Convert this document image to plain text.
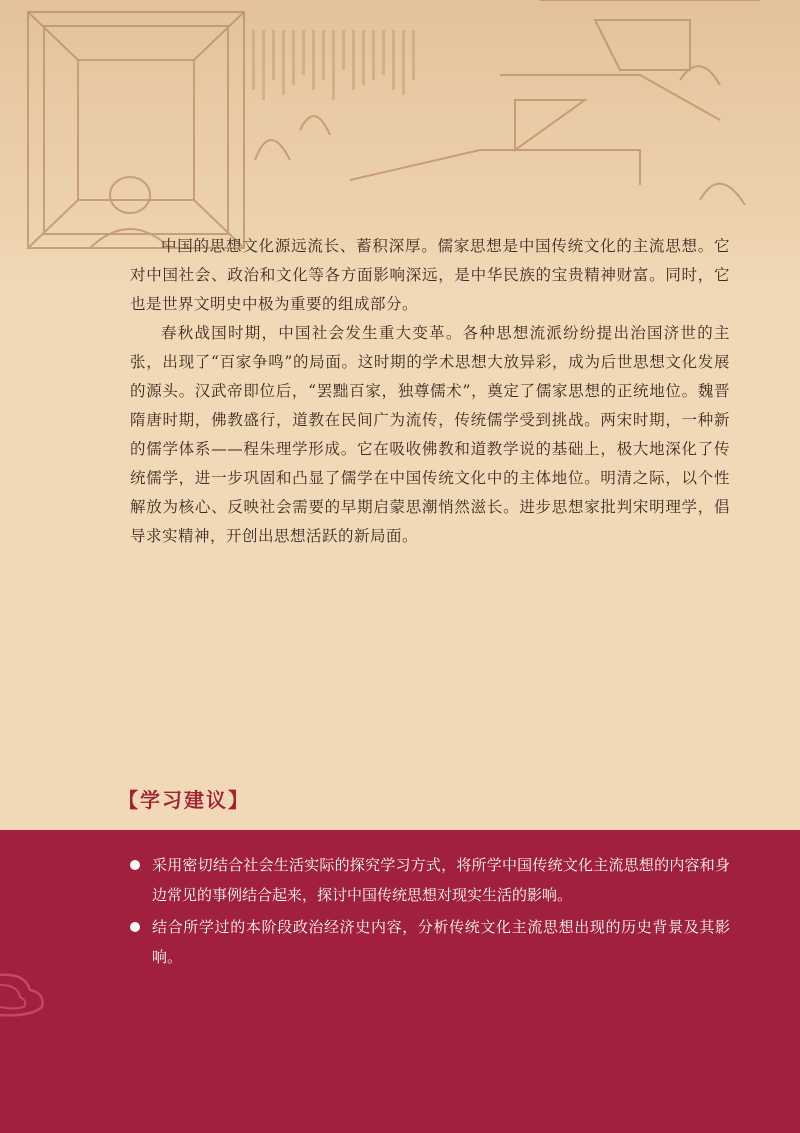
中国的思想文化源远流长、蓄积深厚。儒家思想是中国传统文化的主流思想。它对中国社会、政治和文化等各方面影响深远，是中华民族的宝贵精神财富。同时，它也是世界文明史中极为重要的组成部分。

春秋战国时期，中国社会发生重大变革。各种思想流派纷纷提出治国济世的主张，出现了“百家争鸣”的局面。这时期的学术思想大放异彩，成为后世思想文化发展的源头。汉武帝即位后，“罢黜百家，独尊儒术”，奠定了儒家思想的正统地位。魏晋隋唐时期，佛教盛行，道教在民间广为流传，传统儒学受到挑战。两宋时期，一种新的儒学体系——程朱理学形成。它在吸收佛教和道教学说的基础上，极大地深化了传统儒学，进一步巩固和凸显了儒学在中国传统文化中的主体地位。明清之际，以个性解放为核心、反映社会需要的早期启蒙思潮悄然滋长。进步思想家批判宋明理学，倡导求实精神，开创出思想活跃的新局面。

【学习建议】
采用密切结合社会生活实际的探究学习方式，将所学中国传统文化主流思想的内容和身边常见的事例结合起来，探讨中国传统思想对现实生活的影响。
结合所学过的本阶段政治经济史内容，分析传统文化主流思想出现的历史背景及其影响。
